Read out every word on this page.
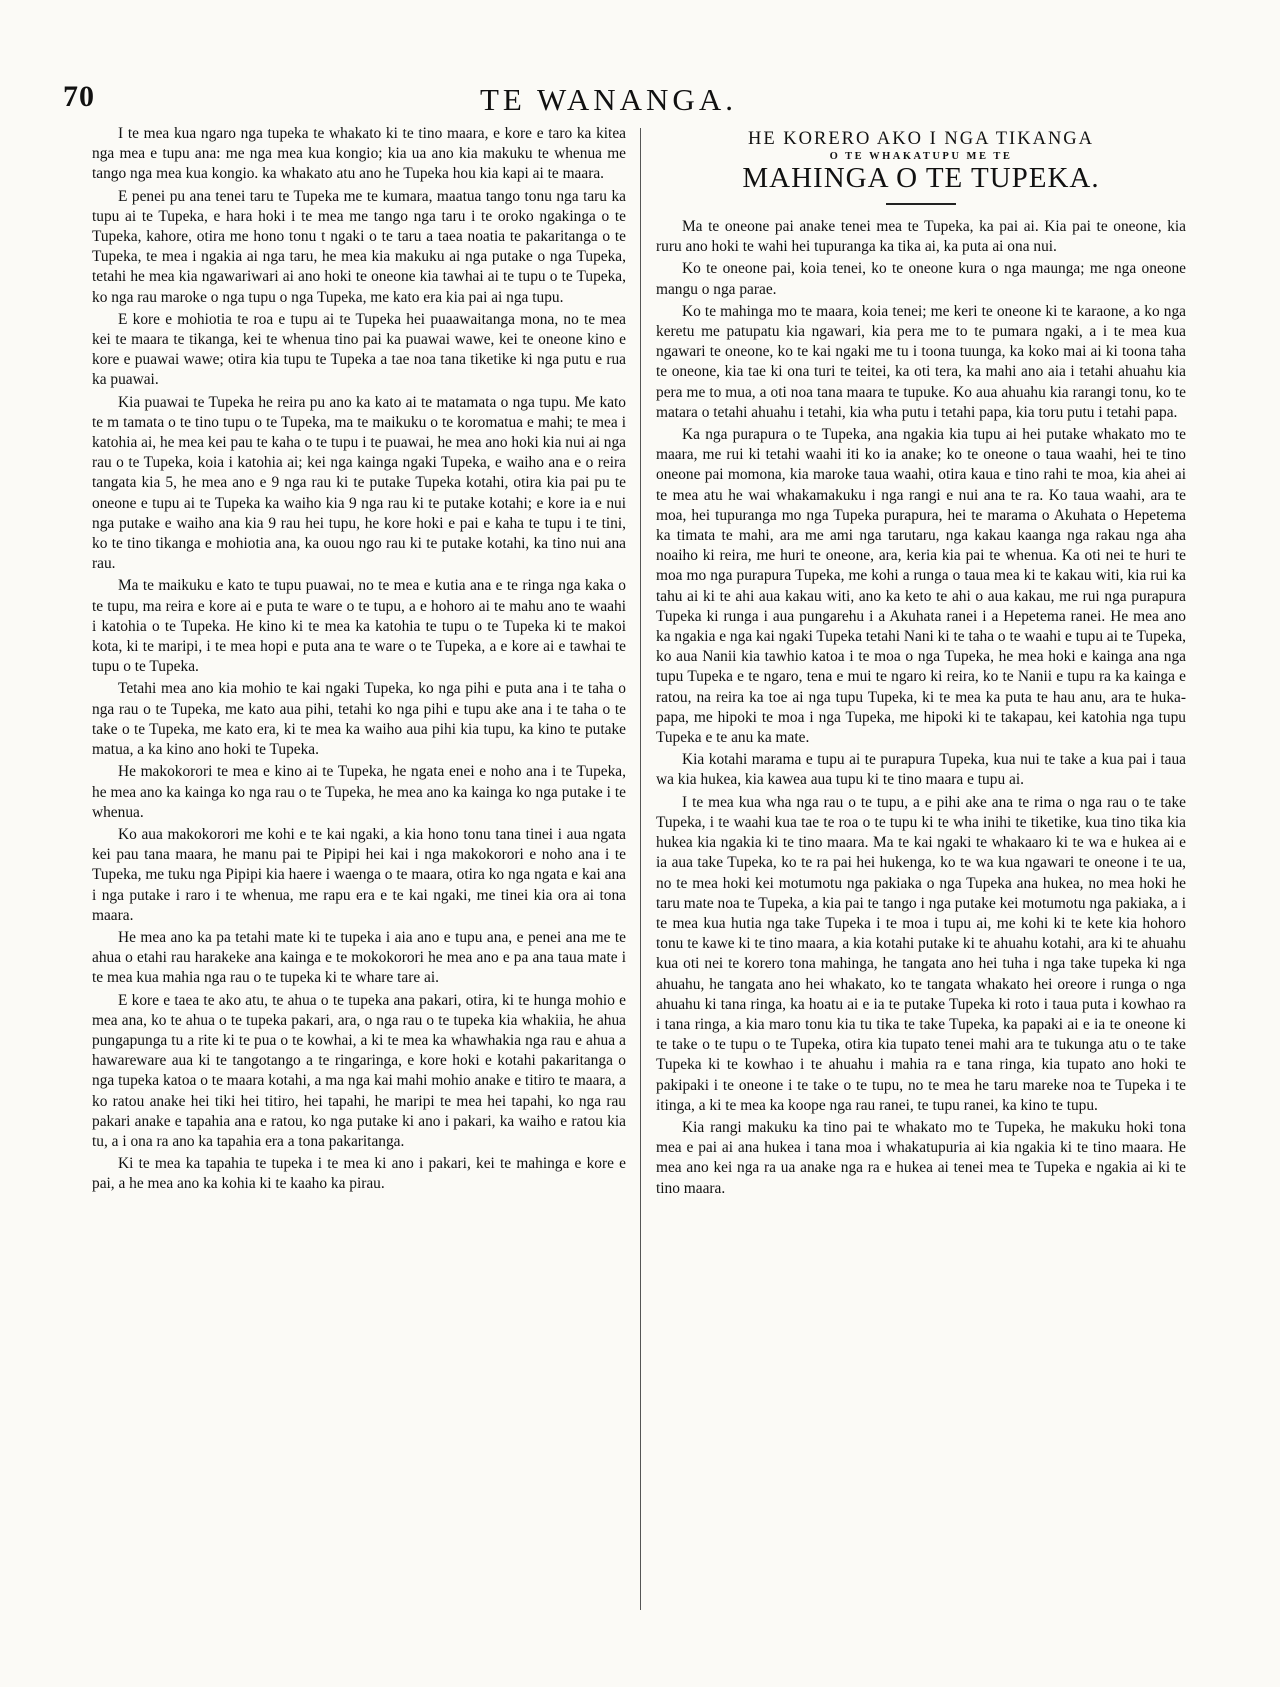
70	TE WANANGA.

I te mea kua ngaro nga tupeka te whakato ki te tino maara, e kore e taro ka kitea nga mea e tupu ana: me nga mea kua kongio; kia ua ano kia makuku te whenua me tango nga mea kua kongio. ka whakato atu ano he Tupeka hou kia kapi ai te maara.

E penei pu ana tenei taru te Tupeka me te kumara, maatua tango tonu nga taru ka tupu ai te Tupeka, e hara hoki i te mea me tango nga taru i te oroko ngakinga o te Tupeka, kahore, otira me hono tonu t ngaki o te taru a taea noatia te pakaritanga o te Tupeka, te mea i ngakia ai nga taru, he mea kia makuku ai nga putake o nga Tupeka, tetahi he mea kia ngawariwari ai ano hoki te oneone kia tawhai ai te tupu o te Tupeka, ko nga rau maroke o nga tupu o nga Tupeka, me kato era kia pai ai nga tupu.

E kore e mohiotia te roa e tupu ai te Tupeka hei puaawaitanga mona, no te mea kei te maara te tikanga, kei te whenua tino pai ka puawai wawe, kei te oneone kino e kore e puawai wawe; otira kia tupu te Tupeka a tae noa tana tiketike ki nga putu e rua ka puawai.

Kia puawai te Tupeka he reira pu ano ka kato ai te matamata o nga tupu. Me kato te m tamata o te tino tupu o te Tupeka, ma te maikuku o te koromatua e mahi; te mea i katohia ai, he mea kei pau te kaha o te tupu i te puawai, he mea ano hoki kia nui ai nga rau o te Tupeka, koia i katohia ai; kei nga kainga ngaki Tupeka, e waiho ana e o reira tangata kia 5, he mea ano e 9 nga rau ki te putake Tupeka kotahi, otira kia pai pu te oneone e tupu ai te Tupeka ka waiho kia 9 nga rau ki te putake kotahi; e kore ia e nui nga putake e waiho ana kia 9 rau hei tupu, he kore hoki e pai e kaha te tupu i te tini, ko te tino tikanga e mohiotia ana, ka ouou ngo rau ki te putake kotahi, ka tino nui ana rau.

Ma te maikuku e kato te tupu puawai, no te mea e kutia ana e te ringa nga kaka o te tupu, ma reira e kore ai e puta te ware o te tupu, a e hohoro ai te mahu ano te waahi i katohia o te Tupeka. He kino ki te mea ka katohia te tupu o te Tupeka ki te makoi kota, ki te maripi, i te mea hopi e puta ana te ware o te Tupeka, a e kore ai e tawhai te tupu o te Tupeka.

Tetahi mea ano kia mohio te kai ngaki Tupeka, ko nga pihi e puta ana i te taha o nga rau o te Tupeka, me kato aua pihi, tetahi ko nga pihi e tupu ake ana i te taha o te take o te Tupeka, me kato era, ki te mea ka waiho aua pihi kia tupu, ka kino te putake matua, a ka kino ano hoki te Tupeka.

He makokorori te mea e kino ai te Tupeka, he ngata enei e noho ana i te Tupeka, he mea ano ka kainga ko nga rau o te Tupeka, he mea ano ka kainga ko nga putake i te whenua.

Ko aua makokorori me kohi e te kai ngaki, a kia hono tonu tana tinei i aua ngata kei pau tana maara, he manu pai te Pipipi hei kai i nga makokorori e noho ana i te Tupeka, me tuku nga Pipipi kia haere i waenga o te maara, otira ko nga ngata e kai ana i nga putake i raro i te whenua, me rapu era e te kai ngaki, me tinei kia ora ai tona maara.

He mea ano ka pa tetahi mate ki te tupeka i aia ano e tupu ana, e penei ana me te ahua o etahi rau harakeke ana kainga e te mokokorori he mea ano e pa ana taua mate i te mea kua mahia nga rau o te tupeka ki te whare tare ai.

E kore e taea te ako atu, te ahua o te tupeka ana pakari, otira, ki te hunga mohio e mea ana, ko te ahua o te tupeka pakari, ara, o nga rau o te tupeka kia whakiia, he ahua pungapunga tu a rite ki te pua o te kowhai, a ki te mea ka whawhakia nga rau e ahua a hawareware aua ki te tangotango a te ringaringa, e kore hoki e kotahi pakaritanga o nga tupeka katoa o te maara kotahi, a ma nga kai mahi mohio anake e titiro te maara, a ko ratou anake hei tiki hei titiro, hei tapahi, he maripi te mea hei tapahi, ko nga rau pakari anake e tapahia ana e ratou, ko nga putake ki ano i pakari, ka waiho e ratou kia tu, a i ona ra ano ka tapahia era a tona pakaritanga.

Ki te mea ka tapahia te tupeka i te mea ki ano i pakari, kei te mahinga e kore e pai, a he mea ano ka kohia ki te kaaho ka pirau.

HE KORERO AKO I NGA TIKANGA
O TE WHAKATUPU ME TE
MAHINGA O TE TUPEKA.

Ma te oneone pai anake tenei mea te Tupeka, ka pai ai. Kia pai te oneone, kia ruru ano hoki te wahi hei tupuranga ka tika ai, ka puta ai ona nui.

Ko te oneone pai, koia tenei, ko te oneone kura o nga maunga; me nga oneone mangu o nga parae.

Ko te mahinga mo te maara, koia tenei; me keri te oneone ki te karaone, a ko nga keretu me patupatu kia ngawari, kia pera me to te pumara ngaki, a i te mea kua ngawari te oneone, ko te kai ngaki me tu i toona tuunga, ka koko mai ai ki toona taha te oneone, kia tae ki ona turi te teitei, ka oti tera, ka mahi ano aia i tetahi ahuahu kia pera me to mua, a oti noa tana maara te tupuke. Ko aua ahuahu kia rarangi tonu, ko te matara o tetahi ahuahu i tetahi, kia wha putu i tetahi papa, kia toru putu i tetahi papa.

Ka nga purapura o te Tupeka, ana ngakia kia tupu ai hei putake whakato mo te maara, me rui ki tetahi waahi iti ko ia anake; ko te oneone o taua waahi, hei te tino oneone pai momona, kia maroke taua waahi, otira kaua e tino rahi te moa, kia ahei ai te mea atu he wai whakamakuku i nga rangi e nui ana te ra. Ko taua waahi, ara te moa, hei tupuranga mo nga Tupeka purapura, hei te marama o Akuhata o Hepetema ka timata te mahi, ara me ami nga tarutaru, nga kakau kaanga nga rakau nga aha noaiho ki reira, me huri te oneone, ara, keria kia pai te whenua. Ka oti nei te huri te moa mo nga purapura Tupeka, me kohi a runga o taua mea ki te kakau witi, kia rui ka tahu ai ki te ahi aua kakau witi, ano ka keto te ahi o aua kakau, me rui nga purapura Tupeka ki runga i aua pungarehu i a Akuhata ranei i a Hepetema ranei. He mea ano ka ngakia e nga kai ngaki Tupeka tetahi Nani ki te taha o te waahi e tupu ai te Tupeka, ko aua Nanii kia tawhio katoa i te moa o nga Tupeka, he mea hoki e kainga ana nga tupu Tupeka e te ngaro, tena e mui te ngaro ki reira, ko te Nanii e tupu ra ka kainga e ratou, na reira ka toe ai nga tupu Tupeka, ki te mea ka puta te hau anu, ara te huka-papa, me hipoki te moa i nga Tupeka, me hipoki ki te takapau, kei katohia nga tupu Tupeka e te anu ka mate.

Kia kotahi marama e tupu ai te purapura Tupeka, kua nui te take a kua pai i taua wa kia hukea, kia kawea aua tupu ki te tino maara e tupu ai.

I te mea kua wha nga rau o te tupu, a e pihi ake ana te rima o nga rau o te take Tupeka, i te waahi kua tae te roa o te tupu ki te wha inihi te tiketike, kua tino tika kia hukea kia ngakia ki te tino maara. Ma te kai ngaki te whakaaro ki te wa e hukea ai e ia aua take Tupeka, ko te ra pai hei hukenga, ko te wa kua ngawari te oneone i te ua, no te mea hoki kei motumotu nga pakiaka o nga Tupeka ana hukea, no mea hoki he taru mate noa te Tupeka, a kia pai te tango i nga putake kei motumotu nga pakiaka, a i te mea kua hutia nga take Tupeka i te moa i tupu ai, me kohi ki te kete kia hohoro tonu te kawe ki te tino maara, a kia kotahi putake ki te ahuahu kotahi, ara ki te ahuahu kua oti nei te korero tona mahinga, he tangata ano hei tuha i nga take tupeka ki nga ahuahu, he tangata ano hei whakato, ko te tangata whakato hei oreore i runga o nga ahuahu ki tana ringa, ka hoatu ai e ia te putake Tupeka ki roto i taua puta i kowhao ra i tana ringa, a kia maro tonu kia tu tika te take Tupeka, ka papaki ai e ia te oneone ki te take o te tupu o te Tupeka, otira kia tupato tenei mahi ara te tukunga atu o te take Tupeka ki te kowhao i te ahuahu i mahia ra e tana ringa, kia tupato ano hoki te pakipaki i te oneone i te take o te tupu, no te mea he taru mareke noa te Tupeka i te itinga, a ki te mea ka koope nga rau ranei, te tupu ranei, ka kino te tupu.

Kia rangi makuku ka tino pai te whakato mo te Tupeka, he makuku hoki tona mea e pai ai ana hukea i tana moa i whakatupuria ai kia ngakia ki te tino maara. He mea ano kei nga ra ua anake nga ra e hukea ai tenei mea te Tupeka e ngakia ai ki te tino maara.
